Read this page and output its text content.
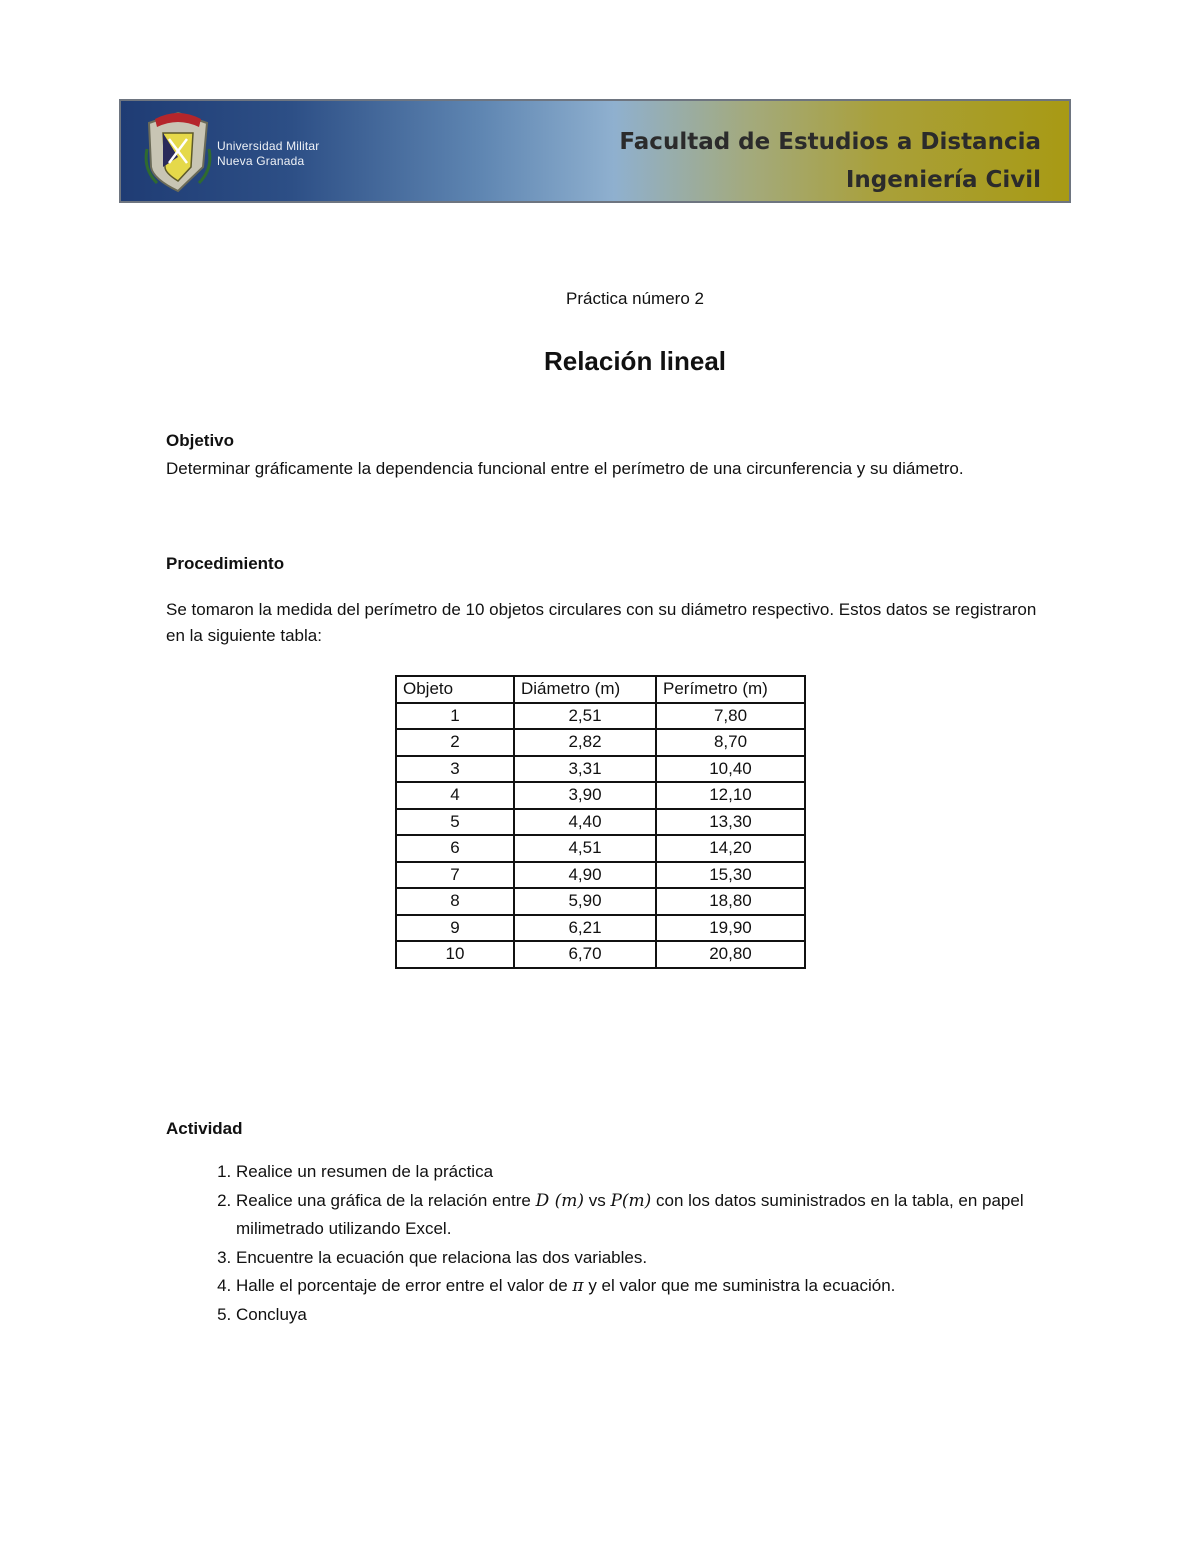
Universidad Militar
Nueva Granada
Facultad de Estudios a Distancia
Ingeniería Civil
Práctica número 2
Relación lineal
Objetivo
Determinar gráficamente la dependencia funcional entre el perímetro de una circunferencia y su diámetro.
Procedimiento
Se tomaron la medida del perímetro de 10 objetos circulares con su diámetro respectivo. Estos datos se registraron en la siguiente tabla:
Objeto	Diámetro (m)	Perímetro (m)
1	2,51	7,80
2	2,82	8,70
3	3,31	10,40
4	3,90	12,10
5	4,40	13,30
6	4,51	14,20
7	4,90	15,30
8	5,90	18,80
9	6,21	19,90
10	6,70	20,80
Actividad
1. Realice un resumen de la práctica
2. Realice una gráfica de la relación entre D (m) vs P(m) con los datos suministrados en la tabla, en papel milimetrado utilizando Excel.
3. Encuentre la ecuación que relaciona las dos variables.
4. Halle el porcentaje de error entre el valor de π y el valor que me suministra la ecuación.
5. Concluya
